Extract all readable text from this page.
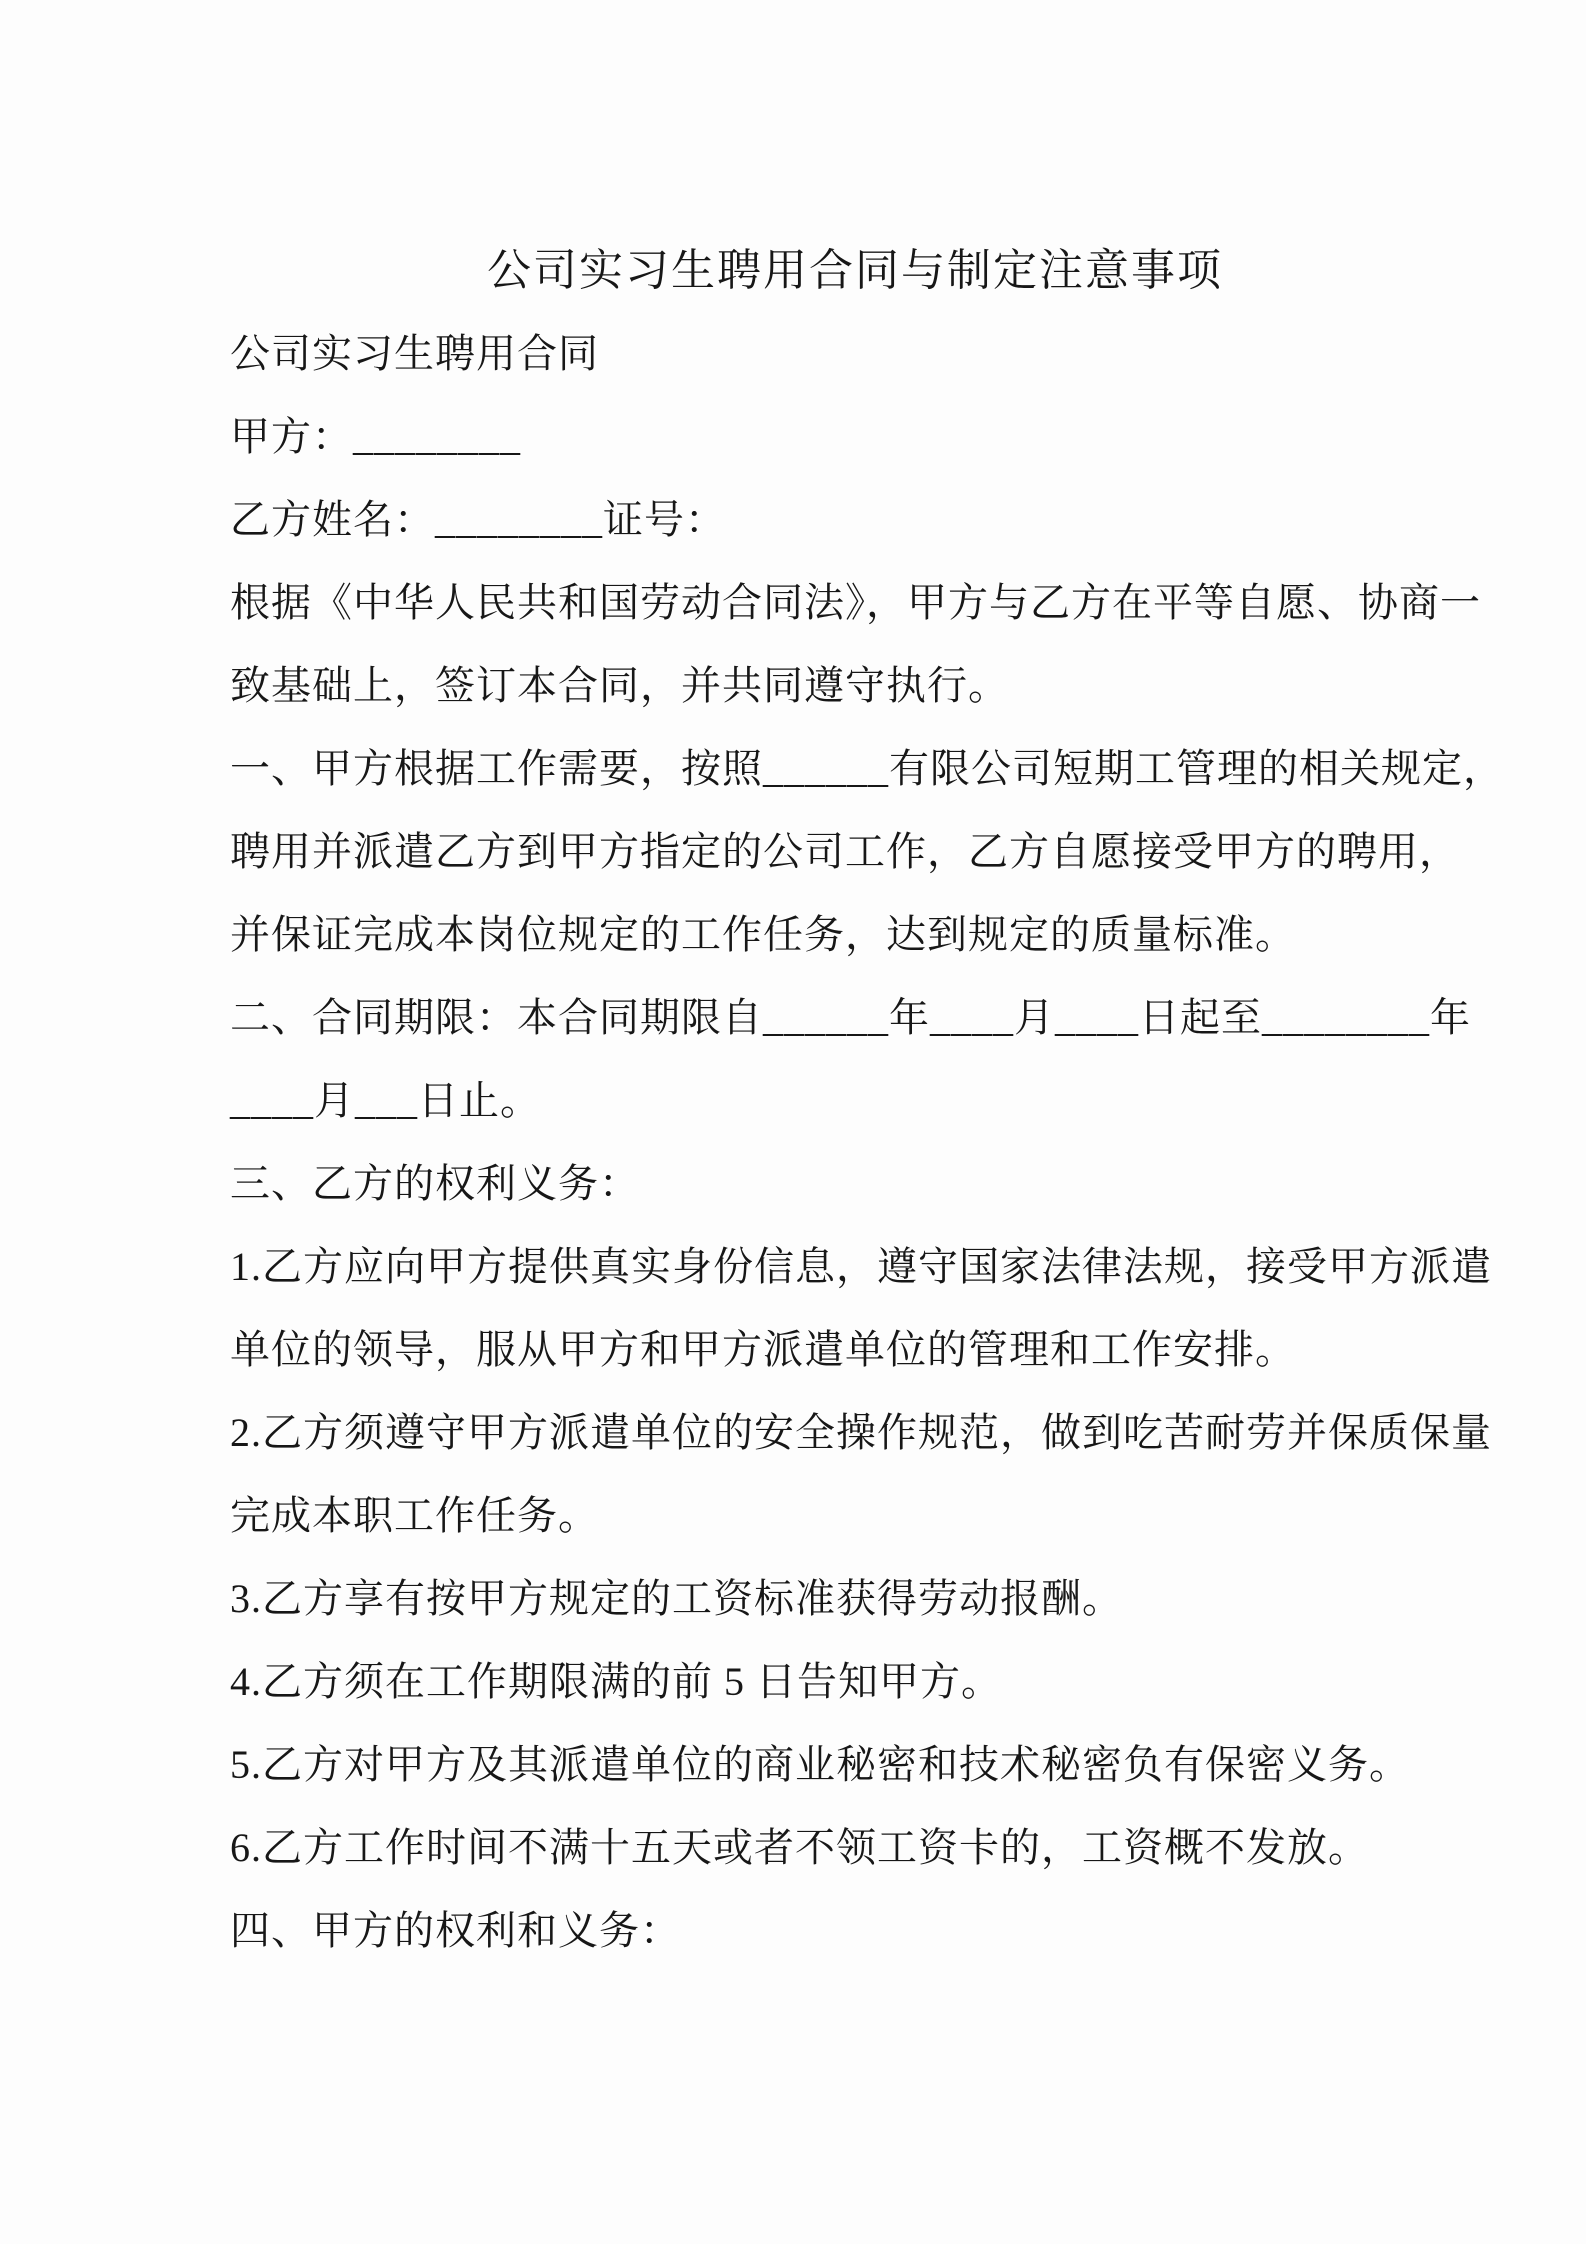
公司实习生聘用合同与制定注意事项
公司实习生聘用合同
甲方：________
乙方姓名：________证号：
根据《中华人民共和国劳动合同法》，甲方与乙方在平等自愿、协商一
致基础上，签订本合同，并共同遵守执行。
一、甲方根据工作需要，按照______有限公司短期工管理的相关规定，
聘用并派遣乙方到甲方指定的公司工作，乙方自愿接受甲方的聘用，
并保证完成本岗位规定的工作任务，达到规定的质量标准。
二、合同期限：本合同期限自______年____月____日起至________年
____月___日止。
三、乙方的权利义务：
1.乙方应向甲方提供真实身份信息，遵守国家法律法规，接受甲方派遣
单位的领导，服从甲方和甲方派遣单位的管理和工作安排。
2.乙方须遵守甲方派遣单位的安全操作规范，做到吃苦耐劳并保质保量
完成本职工作任务。
3.乙方享有按甲方规定的工资标准获得劳动报酬。
4.乙方须在工作期限满的前 5 日告知甲方。
5.乙方对甲方及其派遣单位的商业秘密和技术秘密负有保密义务。
6.乙方工作时间不满十五天或者不领工资卡的，工资概不发放。
四、甲方的权利和义务：
